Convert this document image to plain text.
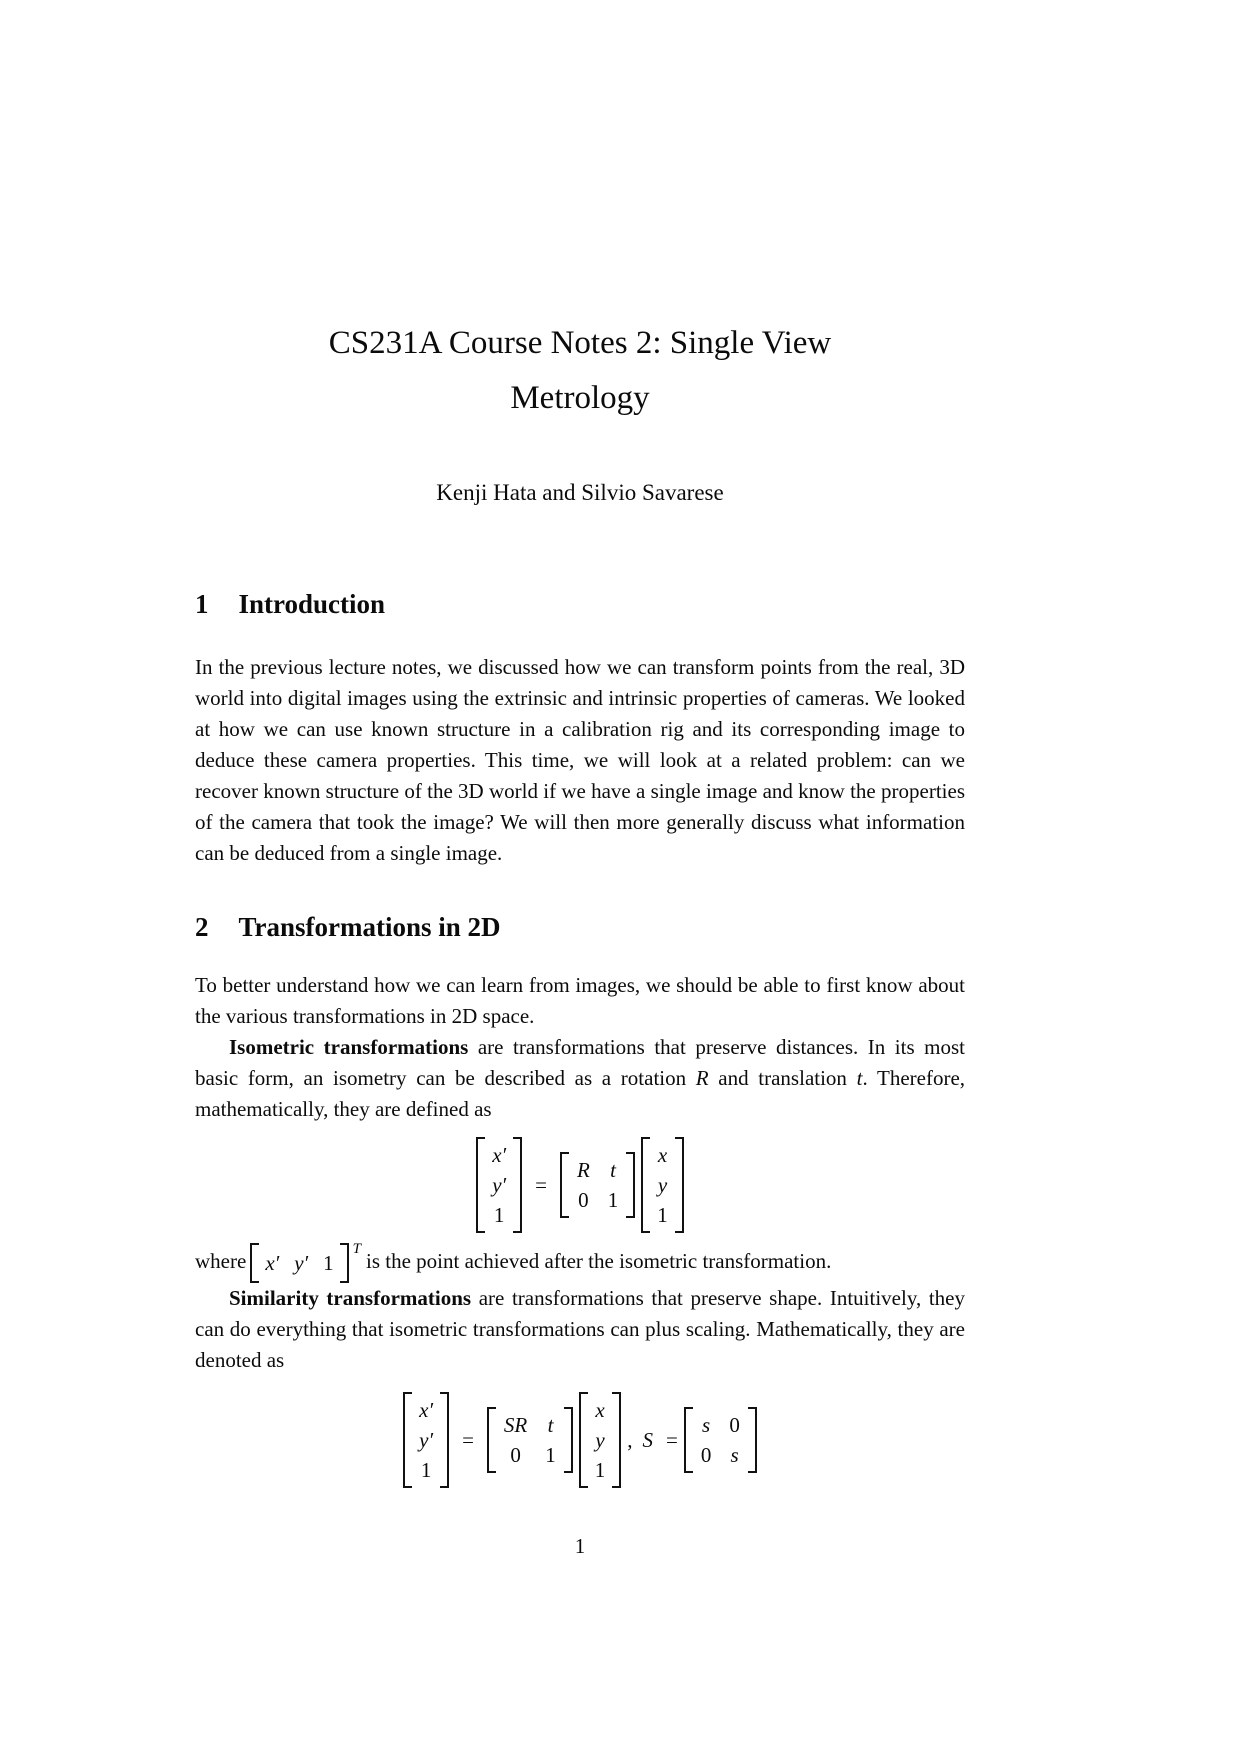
CS231A Course Notes 2: Single View
Metrology
Kenji Hata and Silvio Savarese
1 Introduction

In the previous lecture notes, we discussed how we can transform points from the real, 3D world into digital images using the extrinsic and intrinsic properties of cameras. We looked at how we can use known structure in a calibration rig and its corresponding image to deduce these camera properties. This time, we will look at a related problem: can we recover known structure of the 3D world if we have a single image and know the properties of the camera that took the image? We will then more generally discuss what information can be deduced from a single image.

2 Transformations in 2D

To better understand how we can learn from images, we should be able to first know about the various transformations in 2D space.

Isometric transformations are transformations that preserve distances. In its most basic form, an isometry can be described as a rotation R and translation t. Therefore, mathematically, they are defined as

x′
y′
1
=
R t
0 1
x
y
1

where x′ y′ 1
$^T$ is the point achieved after the isometric transformation.

Similarity transformations are transformations that preserve shape. Intuitively, they can do everything that isometric transformations can plus scaling. Mathematically, they are denoted as

x′
y′
1
=
SR t
0 1
x
y
1
, S =
s 0
0 s
1
